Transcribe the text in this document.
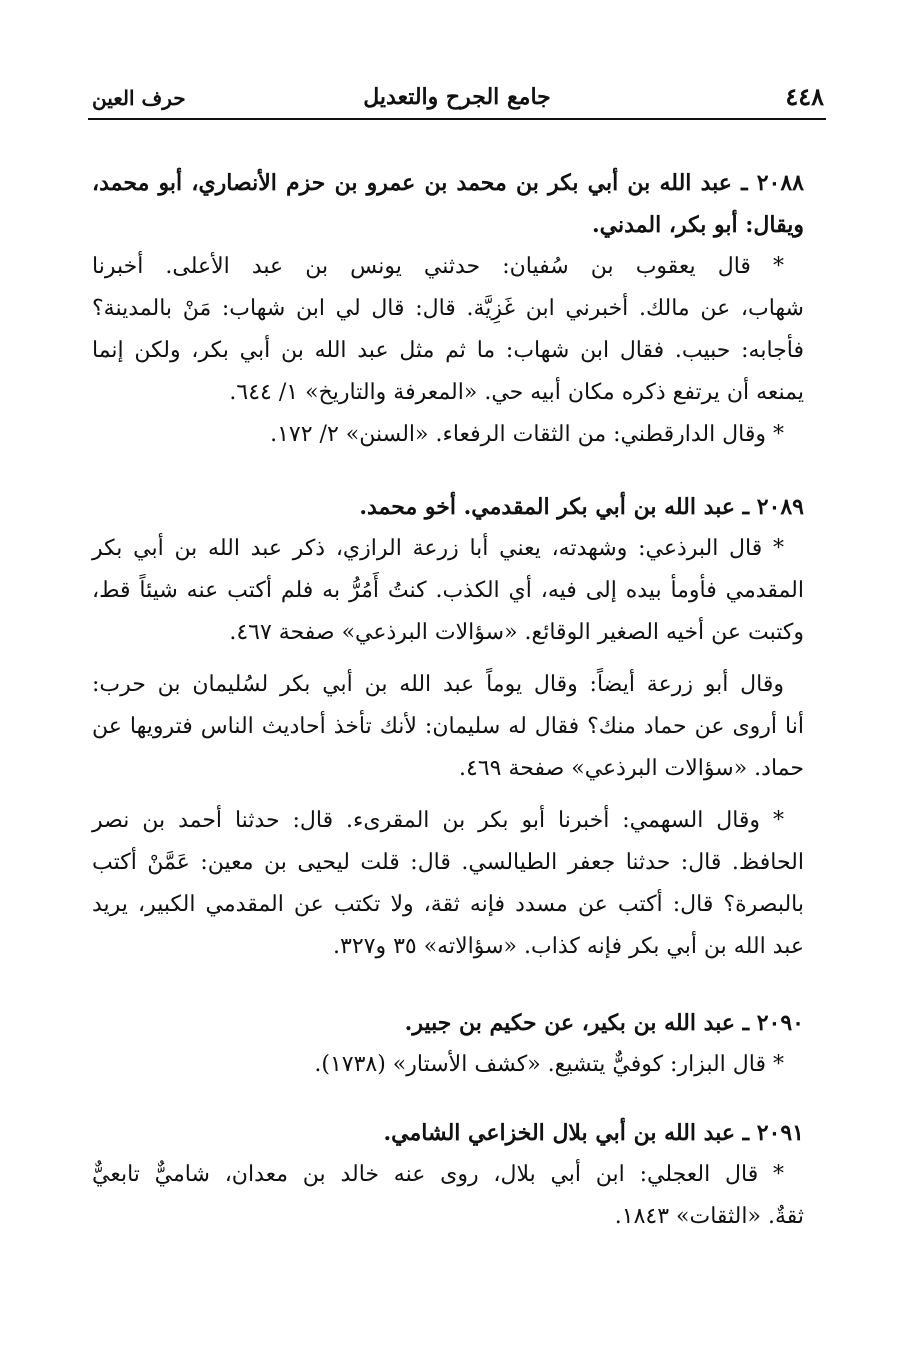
٤٤٨
جامع الجرح والتعديل
حرف العين
٢٠٨٨ ـ عبد الله بن أبي بكر بن محمد بن عمرو بن حزم الأنصاري، أبو محمد،
ويقال: أبو بكر، المدني.
* قال يعقوب بن سُفيان: حدثني يونس بن عبد الأعلى. أخبرنا
شهاب، عن مالك. أخبرني ابن غَزِيَّة. قال: قال لي ابن شهاب: مَنْ بالمدينة؟
فأجابه: حبيب. فقال ابن شهاب: ما ثم مثل عبد الله بن أبي بكر، ولكن إنما
يمنعه أن يرتفع ذكره مكان أبيه حي. «المعرفة والتاريخ» ١/ ٦٤٤.
* وقال الدارقطني: من الثقات الرفعاء. «السنن» ٢/ ١٧٢.
٢٠٨٩ ـ عبد الله بن أبي بكر المقدمي. أخو محمد.
* قال البرذعي: وشهدته، يعني أبا زرعة الرازي، ذكر عبد الله بن أبي بكر
المقدمي فأومأ بيده إلى فيه، أي الكذب. كنتُ أَمُرُّ به فلم أكتب عنه شيئاً قط،
وكتبت عن أخيه الصغير الوقائع. «سؤالات البرذعي» صفحة ٤٦٧.
وقال أبو زرعة أيضاً: وقال يوماً عبد الله بن أبي بكر لسُليمان بن حرب:
أنا أروى عن حماد منك؟ فقال له سليمان: لأنك تأخذ أحاديث الناس فترويها عن
حماد. «سؤالات البرذعي» صفحة ٤٦٩.
* وقال السهمي: أخبرنا أبو بكر بن المقرىء. قال: حدثنا أحمد بن نصر
الحافظ. قال: حدثنا جعفر الطيالسي. قال: قلت ليحيى بن معين: عَمَّنْ أكتب
بالبصرة؟ قال: أكتب عن مسدد فإنه ثقة، ولا تكتب عن المقدمي الكبير، يريد
عبد الله بن أبي بكر فإنه كذاب. «سؤالاته» ٣٥ و٣٢٧.
٢٠٩٠ ـ عبد الله بن بكير، عن حكيم بن جبير.
* قال البزار: كوفيٌّ يتشيع. «كشف الأستار» (١٧٣٨).
٢٠٩١ ـ عبد الله بن أبي بلال الخزاعي الشامي.
* قال العجلي: ابن أبي بلال، روى عنه خالد بن معدان، شاميٌّ تابعيٌّ
ثقةٌ. «الثقات» ١٨٤٣.
